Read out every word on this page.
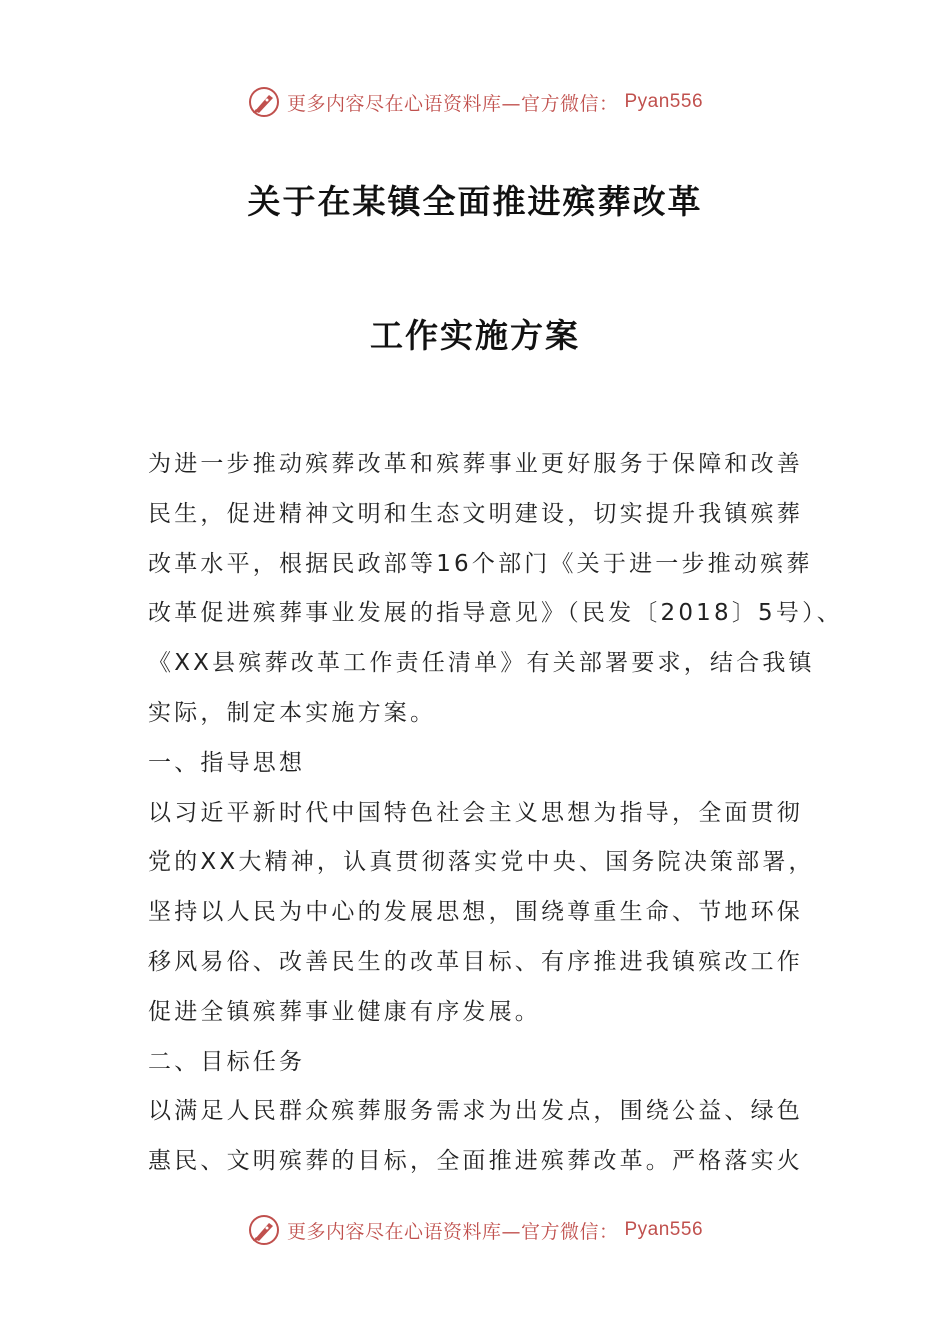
更多内容尽在心语资料库—官方微信： Pyan556
关于在某镇全面推进殡葬改革
工作实施方案

为进一步推动殡葬改革和殡葬事业更好服务于保障和改善
民生，促进精神文明和生态文明建设，切实提升我镇殡葬
改革水平，根据民政部等16个部门《关于进一步推动殡葬
改革促进殡葬事业发展的指导意见》（民发〔2018〕5号）、
《XX县殡葬改革工作责任清单》有关部署要求，结合我镇
实际，制定本实施方案。

一、指导思想

以习近平新时代中国特色社会主义思想为指导，全面贯彻
党的XX大精神，认真贯彻落实党中央、国务院决策部署，
坚持以人民为中心的发展思想，围绕尊重生命、节地环保
移风易俗、改善民生的改革目标、有序推进我镇殡改工作
促进全镇殡葬事业健康有序发展。

二、目标任务

以满足人民群众殡葬服务需求为出发点，围绕公益、绿色
惠民、文明殡葬的目标，全面推进殡葬改革。严格落实火

更多内容尽在心语资料库—官方微信： Pyan556
